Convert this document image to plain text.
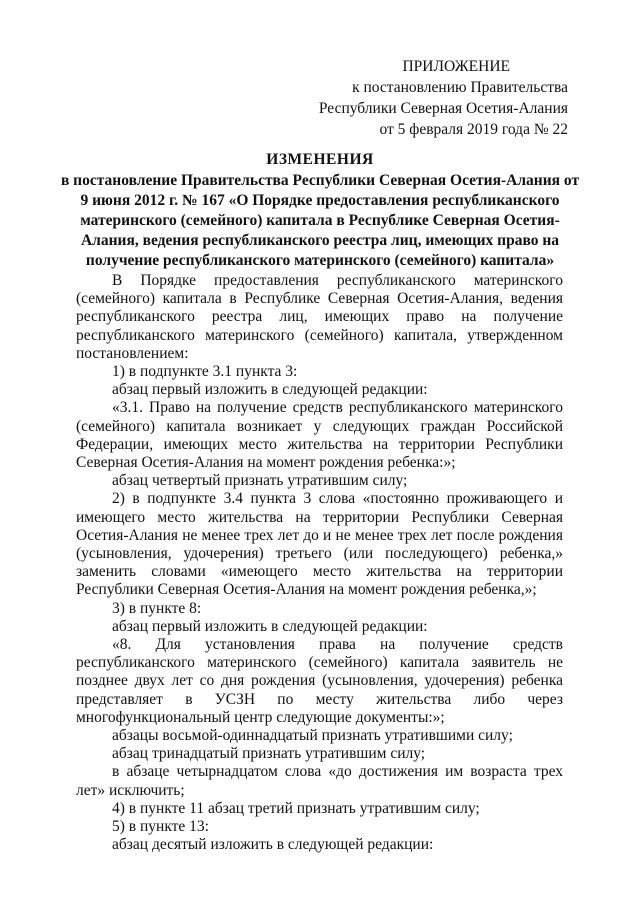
ПРИЛОЖЕНИЕ
к постановлению Правительства
Республики Северная Осетия-Алания
от 5 февраля 2019 года № 22
ИЗМЕНЕНИЯ
в постановление Правительства Республики Северная Осетия-Алания от 9 июня 2012 г. № 167 «О Порядке предоставления республиканского материнского (семейного) капитала в Республике Северная Осетия-Алания, ведения республиканского реестра лиц, имеющих право на получение республиканского материнского (семейного) капитала»

В Порядке предоставления республиканского материнского (семейного) капитала в Республике Северная Осетия-Алания, ведения республиканского реестра лиц, имеющих право на получение республиканского материнского (семейного) капитала, утвержденном постановлением:

1) в подпункте 3.1 пункта 3:

абзац первый изложить в следующей редакции:

«3.1. Право на получение средств республиканского материнского (семейного) капитала возникает у следующих граждан Российской Федерации, имеющих место жительства на территории Республики Северная Осетия-Алания на момент рождения ребенка:»;

абзац четвертый признать утратившим силу;

2) в подпункте 3.4 пункта 3 слова «постоянно проживающего и имеющего место жительства на территории Республики Северная Осетия-Алания не менее трех лет до и не менее трех лет после рождения (усыновления, удочерения) третьего (или последующего) ребенка,» заменить словами «имеющего место жительства на территории Республики Северная Осетия-Алания на момент рождения ребенка,»;

3) в пункте 8:

абзац первый изложить в следующей редакции:

«8. Для установления права на получение средств республиканского материнского (семейного) капитала заявитель не позднее двух лет со дня рождения (усыновления, удочерения) ребенка представляет в УСЗН по месту жительства либо через многофункциональный центр следующие документы:»;

абзацы восьмой-одиннадцатый признать утратившими силу;

абзац тринадцатый признать утратившим силу;

в абзаце четырнадцатом слова «до достижения им возраста трех лет» исключить;

4) в пункте 11 абзац третий признать утратившим силу;

5) в пункте 13:

абзац десятый изложить в следующей редакции:
